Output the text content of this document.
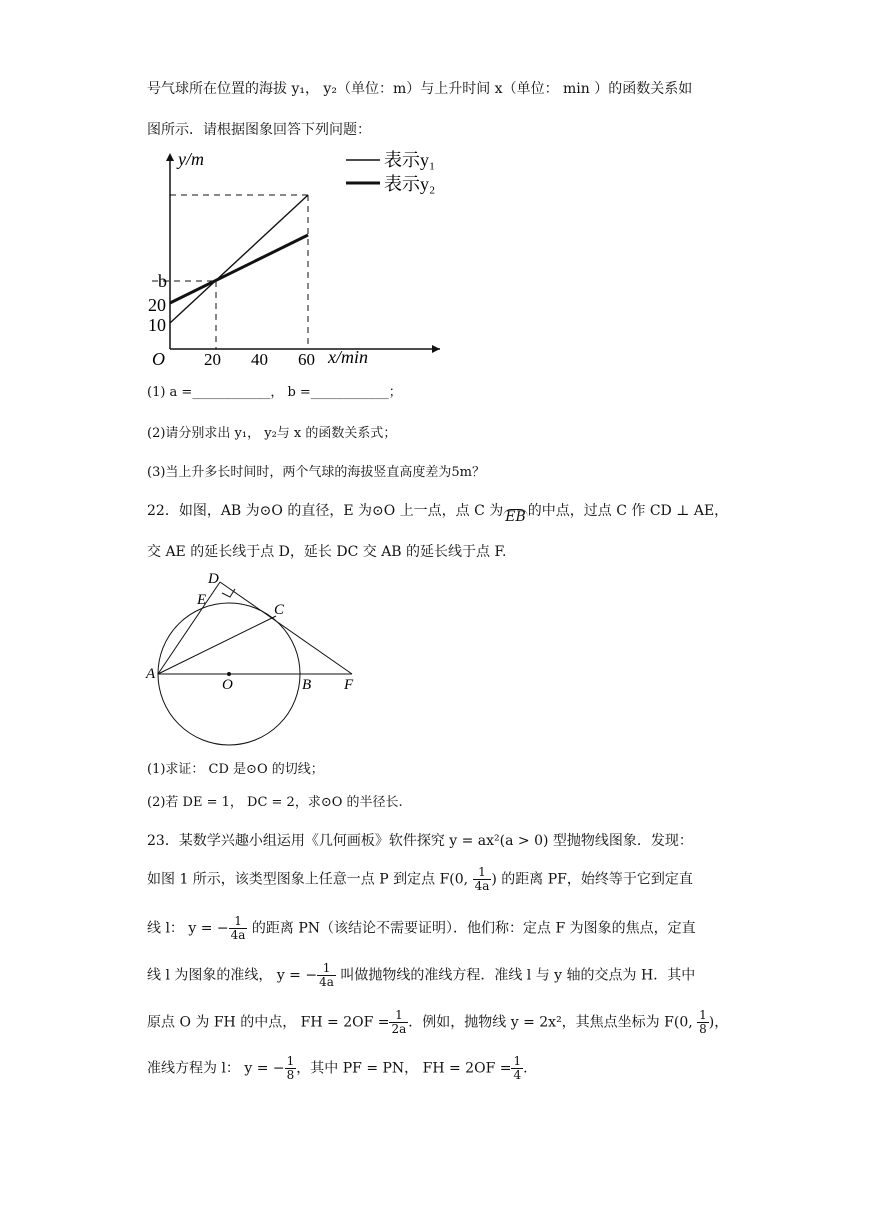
号气球所在位置的海拔 y₁， y₂（单位：m）与上升时间 x（单位： min ）的函数关系如
图所示．请根据图象回答下列问题：
y/m
x/min
O 20 40 60
b
20
10
表示y₁
表示y₂
(1) a =____________， b =____________；
(2)请分别求出 y₁， y₂与 x 的函数关系式；
(3)当上升多长时间时，两个气球的海拔竖直高度差为5m？
22．如图，AB 为⊙O 的直径，E 为⊙O 上一点，点 C 为 EB 的中点，过点 C 作 CD ⊥ AE，
交 AE 的延长线于点 D，延长 DC 交 AB 的延长线于点 F.
D
E
C
A
O	B F
(1)求证： CD 是⊙O 的切线；
(2)若 DE = 1， DC = 2，求⊙O 的半径长.
23．某数学兴趣小组运用《几何画板》软件探究 y = ax²(a > 0) 型抛物线图象．发现：
如图 1 所示，该类型图象上任意一点 P 到定点 F(0, $\frac{1}{4a}$ ) 的距离 PF，始终等于它到定直
线 l： y = − $\frac{1}{4a}$ 的距离 PN（该结论不需要证明）．他们称：定点 F 为图象的焦点，定直
线 l 为图象的准线， y = − $\frac{1}{4a}$ 叫做抛物线的准线方程．准线 l 与 y 轴的交点为 H．其中
原点 O 为 FH 的中点， FH = $2OF = \frac{1}{2a}$ ．例如，抛物线 y = 2x²，其焦点坐标为 F(0, $\frac{1}{8}$ )，
准线方程为 l： y = − $\frac{1}{8}$ ，其中 PF = PN， FH = $2OF = \frac{1}{4}$ .
